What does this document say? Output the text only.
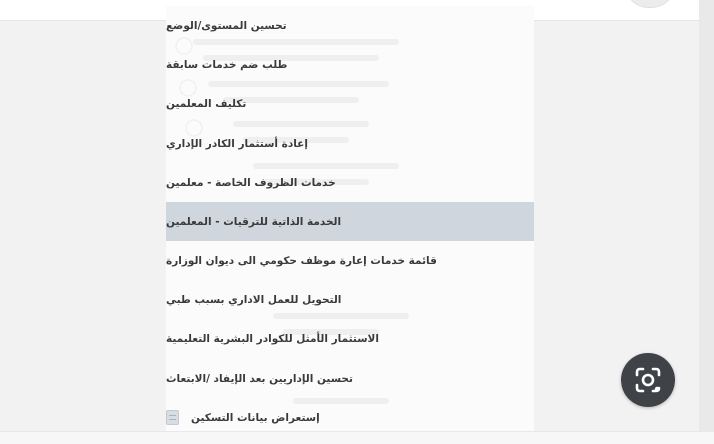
تحسين المستوى/الوضع
طلب ضم خدمات سابقة
تكليف المعلمين
إعادة أستثمار الكادر الإداري
خدمات الظروف الخاصة - معلمين
الخدمة الذاتية للترقيات - المعلمين
قائمة خدمات إعارة موظف حكومي الى ديوان الوزارة
التحويل للعمل الاداري بسبب طبي
الاستثمار الأمثل للكوادر البشرية التعليمية
تحسين الإداريين بعد الإيفاد /الابتعاث
إستعراض بيانات التسكين
